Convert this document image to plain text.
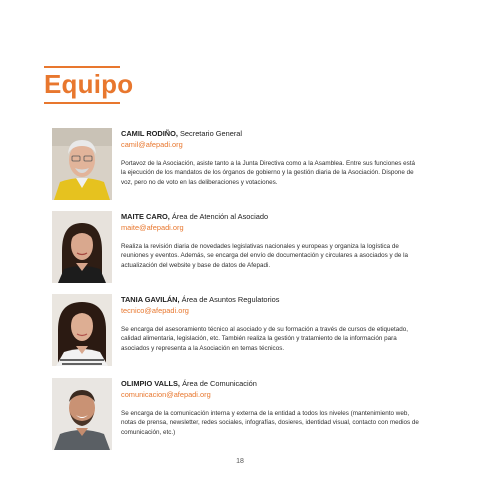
Equipo
CAMIL RODIÑO, Secretario General
camil@afepadi.org
Portavoz de la Asociación, asiste tanto a la Junta Directiva como a la Asamblea. Entre sus funciones está la ejecución de los mandatos de los órganos de gobierno y la gestión diaria de la Asociación. Dispone de voz, pero no de voto en las deliberaciones y votaciones.
MAITE CARO, Área de Atención al Asociado
maite@afepadi.org
Realiza la revisión diaria de novedades legislativas nacionales y europeas y organiza la logística de reuniones y eventos. Además, se encarga del envío de documentación y circulares a asociados y de la actualización del website y base de datos de Afepadi.
TANIA GAVILÁN, Área de Asuntos Regulatorios
tecnico@afepadi.org
Se encarga del asesoramiento técnico al asociado y de su formación a través de cursos de etiquetado, calidad alimentaria, legislación, etc. También realiza la gestión y tratamiento de la información para asociados y representa a la Asociación en temas técnicos.
OLIMPIO VALLS, Área de Comunicación
comunicacion@afepadi.org
Se encarga de la comunicación interna y externa de la entidad a todos los niveles (mantenimiento web, notas de prensa, newsletter, redes sociales, infografías, dosieres, identidad visual, contacto con medios de comunicación, etc.)
18
